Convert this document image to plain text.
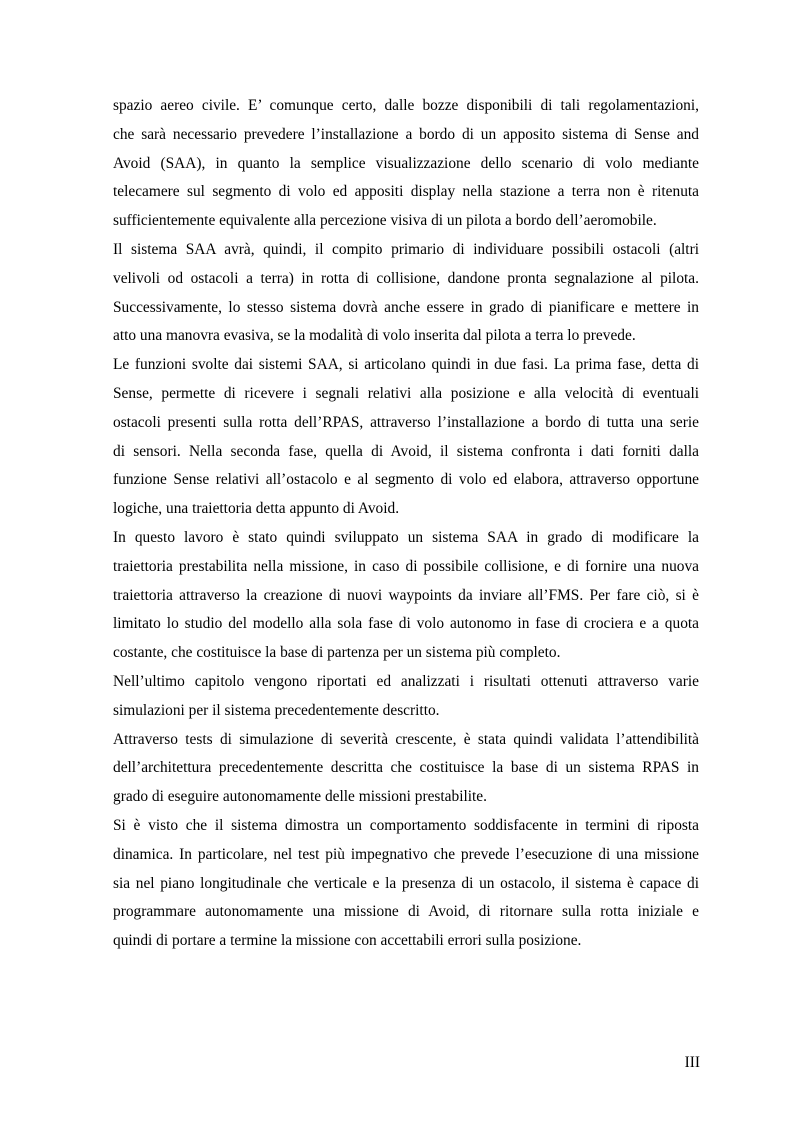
spazio aereo civile. E’ comunque certo, dalle bozze disponibili di tali regolamentazioni,
che sarà necessario prevedere l’installazione a bordo di un apposito sistema di Sense and
Avoid (SAA), in quanto la semplice visualizzazione dello scenario di volo mediante
telecamere sul segmento di volo ed appositi display nella stazione a terra non è ritenuta
sufficientemente equivalente alla percezione visiva di un pilota a bordo dell’aeromobile.
Il sistema SAA avrà, quindi, il compito primario di individuare possibili ostacoli (altri
velivoli od ostacoli a terra) in rotta di collisione, dandone pronta segnalazione al pilota.
Successivamente, lo stesso sistema dovrà anche essere in grado di pianificare e mettere in
atto una manovra evasiva, se la modalità di volo inserita dal pilota a terra lo prevede.
Le funzioni svolte dai sistemi SAA, si articolano quindi in due fasi. La prima fase, detta di
Sense, permette di ricevere i segnali relativi alla posizione e alla velocità di eventuali
ostacoli presenti sulla rotta dell’RPAS, attraverso l’installazione a bordo di tutta una serie
di sensori. Nella seconda fase, quella di Avoid, il sistema confronta i dati forniti dalla
funzione Sense relativi all’ostacolo e al segmento di volo ed elabora, attraverso opportune
logiche, una traiettoria detta appunto di Avoid.
In questo lavoro è stato quindi sviluppato un sistema SAA in grado di modificare la
traiettoria prestabilita nella missione, in caso di possibile collisione, e di fornire una nuova
traiettoria attraverso la creazione di nuovi waypoints da inviare all’FMS. Per fare ciò, si è
limitato lo studio del modello alla sola fase di volo autonomo in fase di crociera e a quota
costante, che costituisce la base di partenza per un sistema più completo.
Nell’ultimo capitolo vengono riportati ed analizzati i risultati ottenuti attraverso varie
simulazioni per il sistema precedentemente descritto.
Attraverso tests di simulazione di severità crescente, è stata quindi validata l’attendibilità
dell’architettura precedentemente descritta che costituisce la base di un sistema RPAS in
grado di eseguire autonomamente delle missioni prestabilite.
Si è visto che il sistema dimostra un comportamento soddisfacente in termini di riposta
dinamica. In particolare, nel test più impegnativo che prevede l’esecuzione di una missione
sia nel piano longitudinale che verticale e la presenza di un ostacolo, il sistema è capace di
programmare autonomamente una missione di Avoid, di ritornare sulla rotta iniziale e
quindi di portare a termine la missione con accettabili errori sulla posizione.
III
